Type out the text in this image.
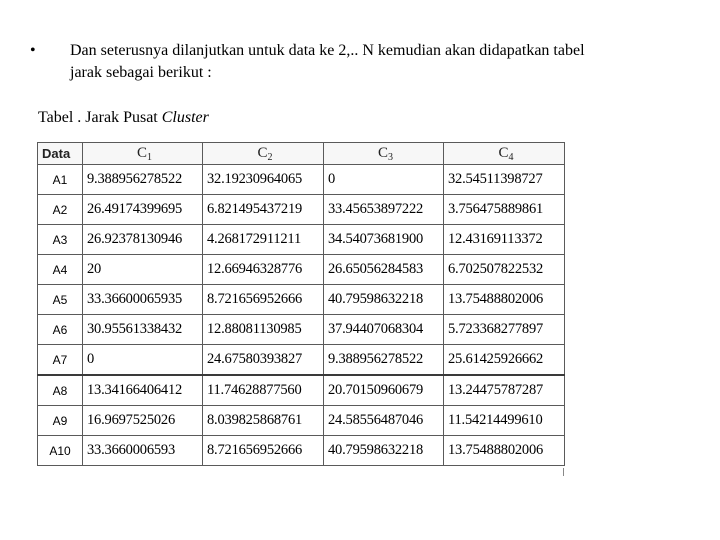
•	Dan seterusnya dilanjutkan untuk data ke 2,.. N kemudian akan didapatkan tabel
jarak sebagai berikut :
Tabel . Jarak Pusat Cluster
Data	$C_1$	$C_2$	$C_3$	$C_4$
A1	9.388956278522	32.19230964065	0	32.54511398727
A2	26.49174399695	6.821495437219	33.45653897222	3.756475889861
A3	26.92378130946	4.268172911211	34.54073681900	12.43169113372
A4	20	12.66946328776	26.65056284583	6.702507822532
A5	33.36600065935	8.721656952666	40.79598632218	13.75488802006
A6	30.95561338432	12.88081130985	37.94407068304	5.723368277897
A7	0	24.67580393827	9.388956278522	25.61425926662
A8	13.34166406412	11.74628877560	20.70150960679	13.24475787287
A9	16.9697525026	8.039825868761	24.58556487046	11.54214499610
A10	33.3660006593	8.721656952666	40.79598632218	13.75488802006
